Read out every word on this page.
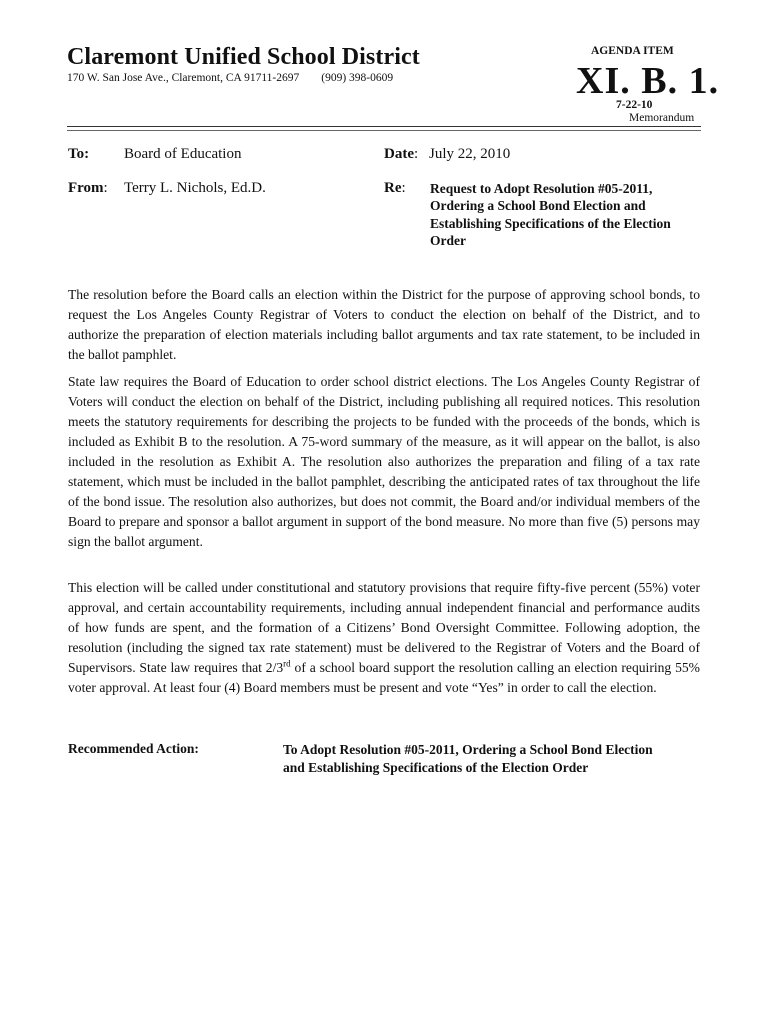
Claremont Unified School District
170 W. San Jose Ave., Claremont, CA 91711-2697 (909) 398-0609
AGENDA ITEM
XI. B. 1.
7-22-10
Memorandum
To: Board of Education	Date: July 22, 2010
From: Terry L. Nichols, Ed.D.	Re: Request to Adopt Resolution #05-2011, Ordering a School Bond Election and Establishing Specifications of the Election Order
The resolution before the Board calls an election within the District for the purpose of approving school bonds, to request the Los Angeles County Registrar of Voters to conduct the election on behalf of the District, and to authorize the preparation of election materials including ballot arguments and tax rate statement, to be included in the ballot pamphlet.
State law requires the Board of Education to order school district elections. The Los Angeles County Registrar of Voters will conduct the election on behalf of the District, including publishing all required notices. This resolution meets the statutory requirements for describing the projects to be funded with the proceeds of the bonds, which is included as Exhibit B to the resolution. A 75-word summary of the measure, as it will appear on the ballot, is also included in the resolution as Exhibit A. The resolution also authorizes the preparation and filing of a tax rate statement, which must be included in the ballot pamphlet, describing the anticipated rates of tax throughout the life of the bond issue. The resolution also authorizes, but does not commit, the Board and/or individual members of the Board to prepare and sponsor a ballot argument in support of the bond measure. No more than five (5) persons may sign the ballot argument.
This election will be called under constitutional and statutory provisions that require fifty-five percent (55%) voter approval, and certain accountability requirements, including annual independent financial and performance audits of how funds are spent, and the formation of a Citizens’ Bond Oversight Committee. Following adoption, the resolution (including the signed tax rate statement) must be delivered to the Registrar of Voters and the Board of Supervisors. State law requires that 2/3rd of a school board support the resolution calling an election requiring 55% voter approval. At least four (4) Board members must be present and vote “Yes” in order to call the election.
Recommended Action:	To Adopt Resolution #05-2011, Ordering a School Bond Election and Establishing Specifications of the Election Order
